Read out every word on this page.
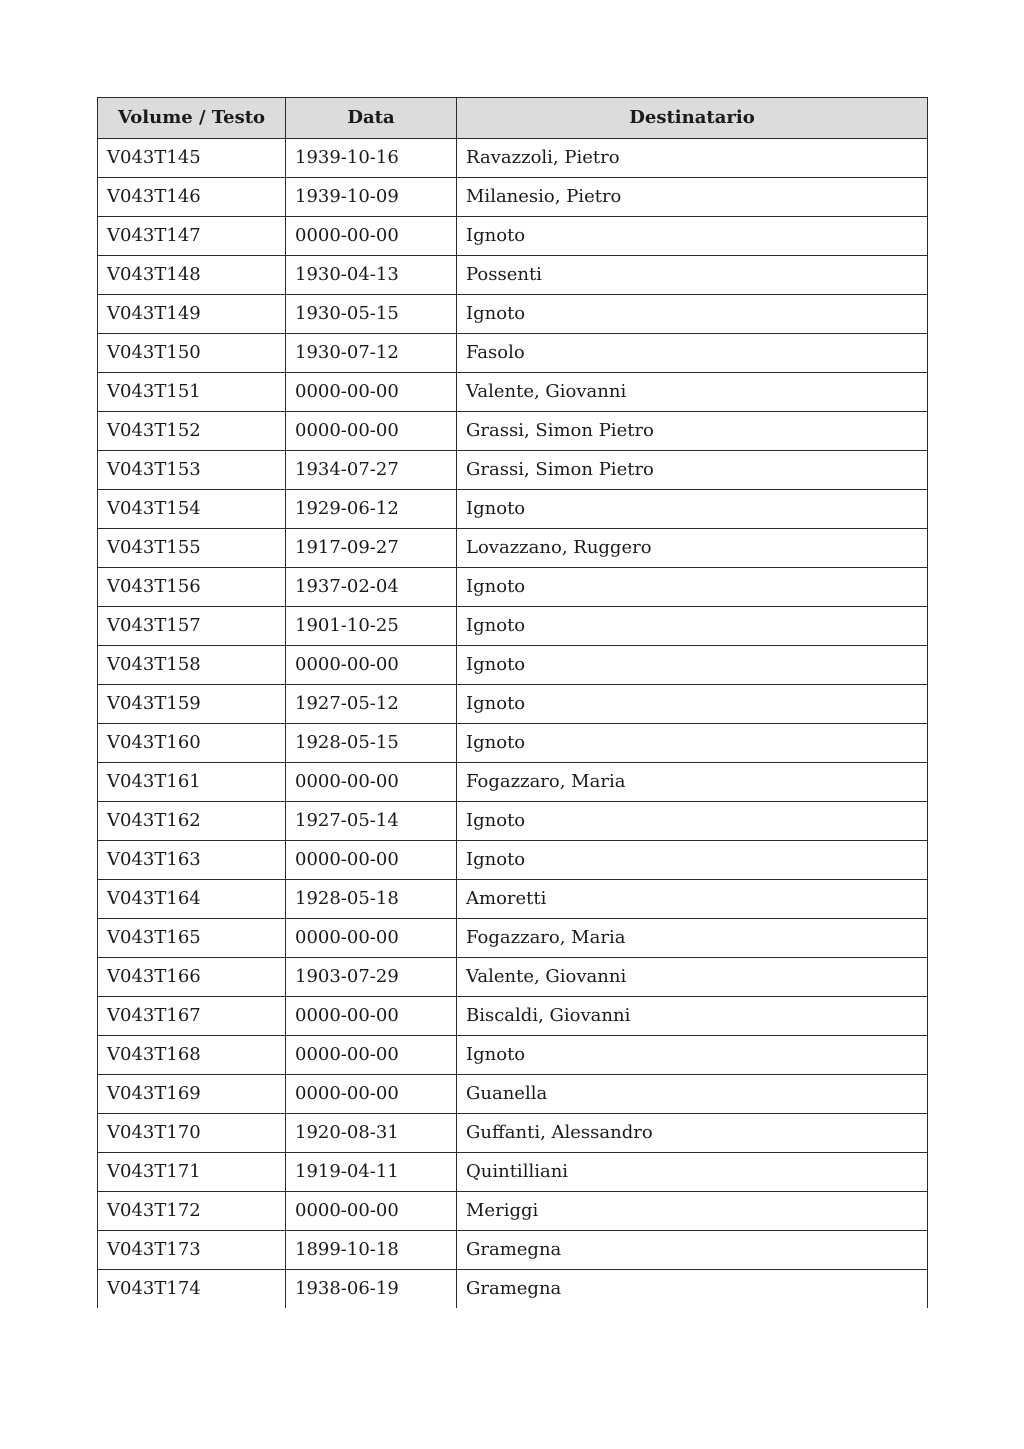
Volume / Testo	Data	Destinatario
V043T145	1939-10-16	Ravazzoli, Pietro
V043T146	1939-10-09	Milanesio, Pietro
V043T147	0000-00-00	Ignoto
V043T148	1930-04-13	Possenti
V043T149	1930-05-15	Ignoto
V043T150	1930-07-12	Fasolo
V043T151	0000-00-00	Valente, Giovanni
V043T152	0000-00-00	Grassi, Simon Pietro
V043T153	1934-07-27	Grassi, Simon Pietro
V043T154	1929-06-12	Ignoto
V043T155	1917-09-27	Lovazzano, Ruggero
V043T156	1937-02-04	Ignoto
V043T157	1901-10-25	Ignoto
V043T158	0000-00-00	Ignoto
V043T159	1927-05-12	Ignoto
V043T160	1928-05-15	Ignoto
V043T161	0000-00-00	Fogazzaro, Maria
V043T162	1927-05-14	Ignoto
V043T163	0000-00-00	Ignoto
V043T164	1928-05-18	Amoretti
V043T165	0000-00-00	Fogazzaro, Maria
V043T166	1903-07-29	Valente, Giovanni
V043T167	0000-00-00	Biscaldi, Giovanni
V043T168	0000-00-00	Ignoto
V043T169	0000-00-00	Guanella
V043T170	1920-08-31	Guffanti, Alessandro
V043T171	1919-04-11	Quintilliani
V043T172	0000-00-00	Meriggi
V043T173	1899-10-18	Gramegna
V043T174	1938-06-19	Gramegna
